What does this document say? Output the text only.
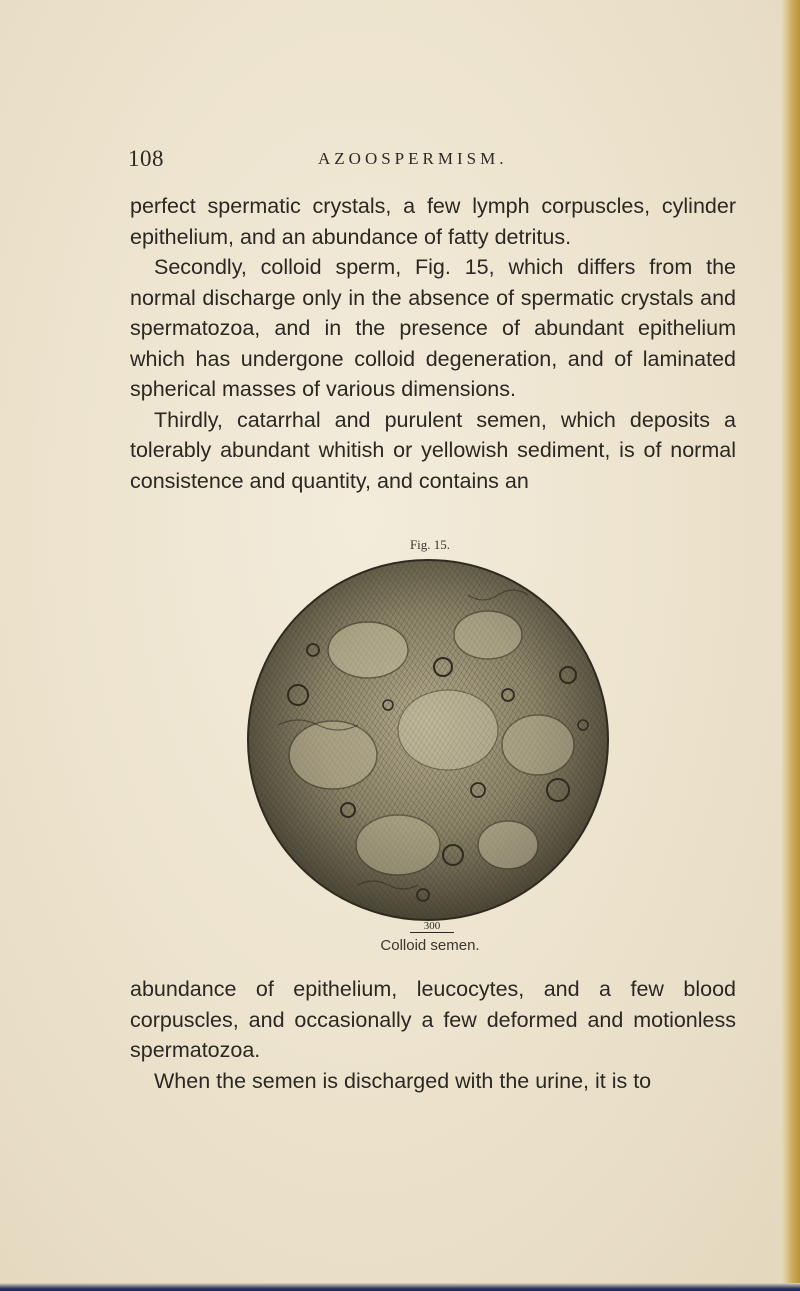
108	AZOOSPERMISM.

perfect spermatic crystals, a few lymph corpuscles, cylinder epithelium, and an abundance of fatty detritus.

Secondly, colloid sperm, Fig. 15, which differs from the normal discharge only in the absence of spermatic crystals and spermatozoa, and in the presence of abundant epithelium which has undergone colloid degeneration, and of laminated spherical masses of various dimensions.

Thirdly, catarrhal and purulent semen, which deposits a tolerably abundant whitish or yellowish sediment, is of normal consistence and quantity, and contains an

Fig. 15.
300
Colloid semen.

abundance of epithelium, leucocytes, and a few blood corpuscles, and occasionally a few deformed and motionless spermatozoa.

When the semen is discharged with the urine, it is to
